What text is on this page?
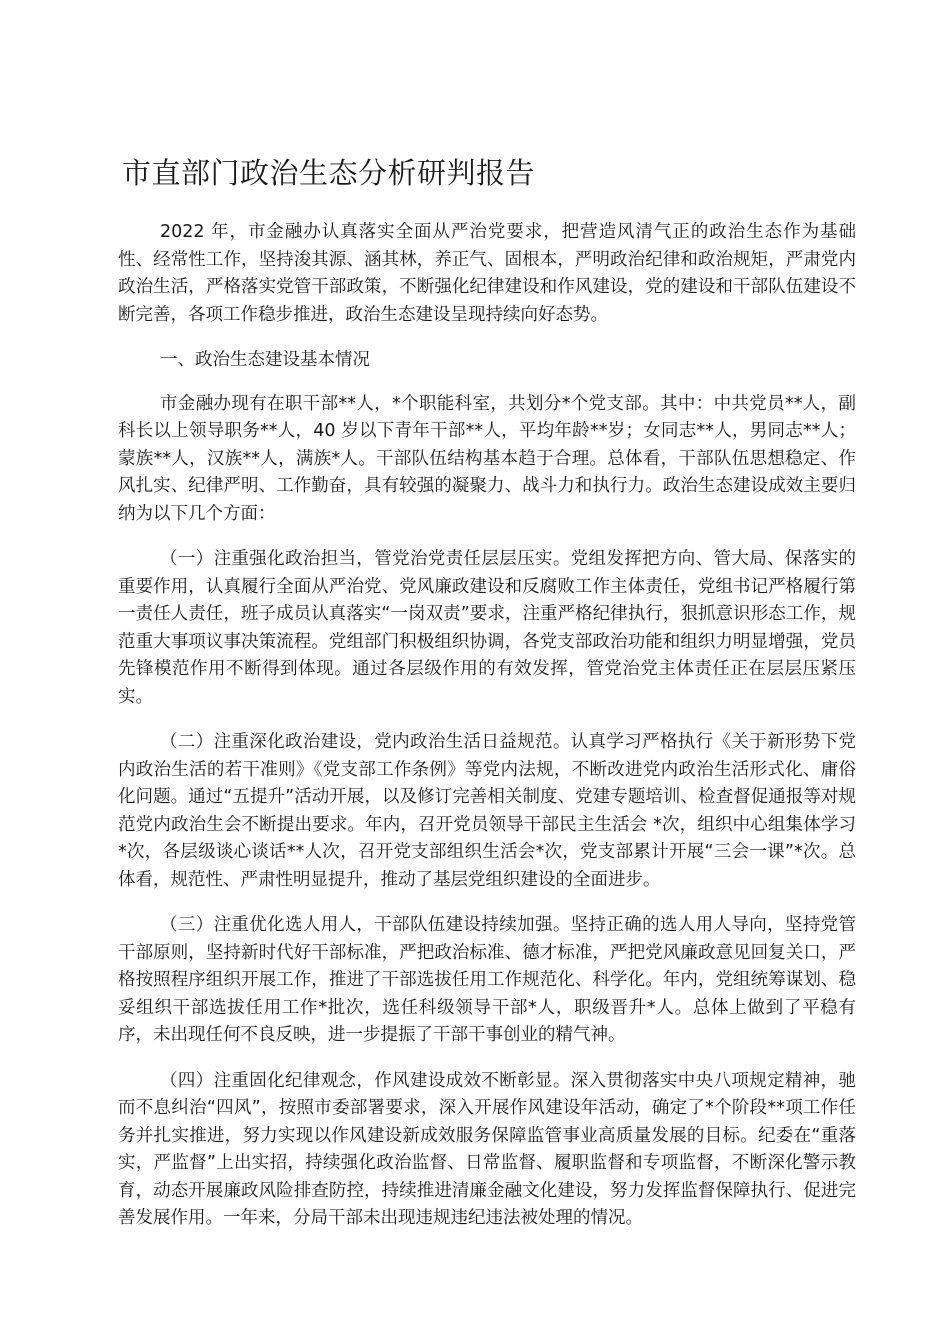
市直部门政治生态分析研判报告

2022 年，市金融办认真落实全面从严治党要求，把营造风清气正的政治生态作为基础性、经常性工作，坚持浚其源、涵其林，养正气、固根本，严明政治纪律和政治规矩，严肃党内政治生活，严格落实党管干部政策，不断强化纪律建设和作风建设，党的建设和干部队伍建设不断完善，各项工作稳步推进，政治生态建设呈现持续向好态势。

一、政治生态建设基本情况

市金融办现有在职干部**人，*个职能科室，共划分*个党支部。其中：中共党员**人，副科长以上领导职务**人，40 岁以下青年干部**人，平均年龄**岁；女同志**人，男同志**人；蒙族**人，汉族**人，满族*人。干部队伍结构基本趋于合理。总体看，干部队伍思想稳定、作风扎实、纪律严明、工作勤奋，具有较强的凝聚力、战斗力和执行力。政治生态建设成效主要归纳为以下几个方面：

（一）注重强化政治担当，管党治党责任层层压实。党组发挥把方向、管大局、保落实的重要作用，认真履行全面从严治党、党风廉政建设和反腐败工作主体责任，党组书记严格履行第一责任人责任，班子成员认真落实“一岗双责”要求，注重严格纪律执行，狠抓意识形态工作，规范重大事项议事决策流程。党组部门积极组织协调，各党支部政治功能和组织力明显增强，党员先锋模范作用不断得到体现。通过各层级作用的有效发挥，管党治党主体责任正在层层压紧压实。

（二）注重深化政治建设，党内政治生活日益规范。认真学习严格执行《关于新形势下党内政治生活的若干准则》《党支部工作条例》等党内法规，不断改进党内政治生活形式化、庸俗化问题。通过“五提升”活动开展，以及修订完善相关制度、党建专题培训、检查督促通报等对规范党内政治生会不断提出要求。年内，召开党员领导干部民主生活会 *次，组织中心组集体学习*次，各层级谈心谈话**人次，召开党支部组织生活会*次，党支部累计开展“三会一课”*次。总体看，规范性、严肃性明显提升，推动了基层党组织建设的全面进步。

（三）注重优化选人用人，干部队伍建设持续加强。坚持正确的选人用人导向，坚持党管干部原则，坚持新时代好干部标准，严把政治标准、德才标准，严把党风廉政意见回复关口，严格按照程序组织开展工作，推进了干部选拔任用工作规范化、科学化。年内，党组统筹谋划、稳妥组织干部选拔任用工作*批次，选任科级领导干部*人，职级晋升*人。总体上做到了平稳有序，未出现任何不良反映，进一步提振了干部干事创业的精气神。

（四）注重固化纪律观念，作风建设成效不断彰显。深入贯彻落实中央八项规定精神，驰而不息纠治“四风”，按照市委部署要求，深入开展作风建设年活动，确定了*个阶段**项工作任务并扎实推进，努力实现以作风建设新成效服务保障监管事业高质量发展的目标。纪委在“重落实，严监督”上出实招，持续强化政治监督、日常监督、履职监督和专项监督，不断深化警示教育，动态开展廉政风险排查防控，持续推进清廉金融文化建设，努力发挥监督保障执行、促进完善发展作用。一年来，分局干部未出现违规违纪违法被处理的情况。
